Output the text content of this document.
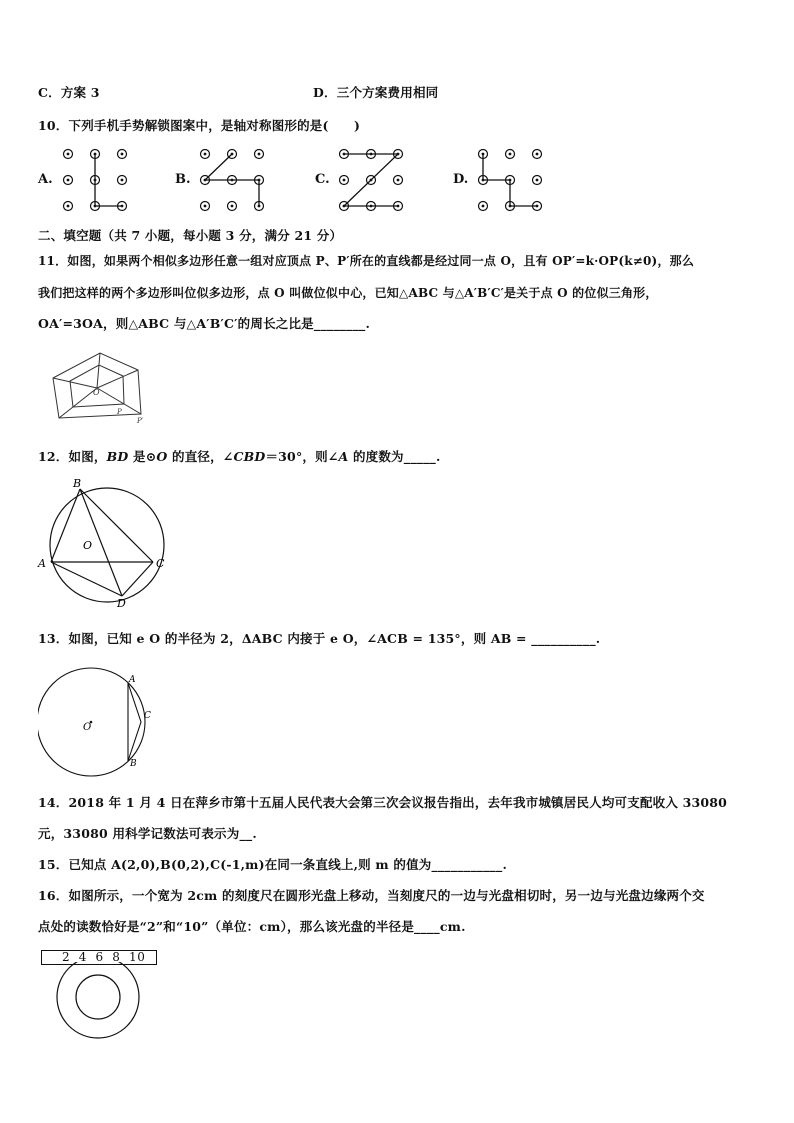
C．方案 3	D．三个方案费用相同
10．下列手机手势解锁图案中，是轴对称图形的是(　　)
A.	B.	C.	D.
二、填空题（共 7 小题，每小题 3 分，满分 21 分）
11．如图，如果两个相似多边形任意一组对应顶点 P、P′所在的直线都是经过同一点 O，且有 OP′=k·OP(k≠0)，那么
我们把这样的两个多边形叫位似多边形，点 O 叫做位似中心，已知△ABC 与△A′B′C′是关于点 O 的位似三角形，
OA′=3OA，则△ABC 与△A′B′C′的周长之比是________.
O
P
P′
12．如图，BD 是⊙O 的直径，∠CBD＝30°，则∠A 的度数为_____.
B
A	C
D
O
13．如图，已知 e O 的半径为 2，ΔABC 内接于 e O，∠ACB = 135°，则 AB = __________.
A
C
B
O
14．2018 年 1 月 4 日在萍乡市第十五届人民代表大会第三次会议报告指出，去年我市城镇居民人均可支配收入 33080
元，33080 用科学记数法可表示为__.
15．已知点 A(2,0),B(0,2),C(-1,m)在同一条直线上,则 m 的值为___________.
16．如图所示，一个宽为 2cm 的刻度尺在圆形光盘上移动，当刻度尺的一边与光盘相切时，另一边与光盘边缘两个交
点处的读数恰好是“2”和“10”（单位：cm），那么该光盘的半径是____cm.
2  4  6  8  10
